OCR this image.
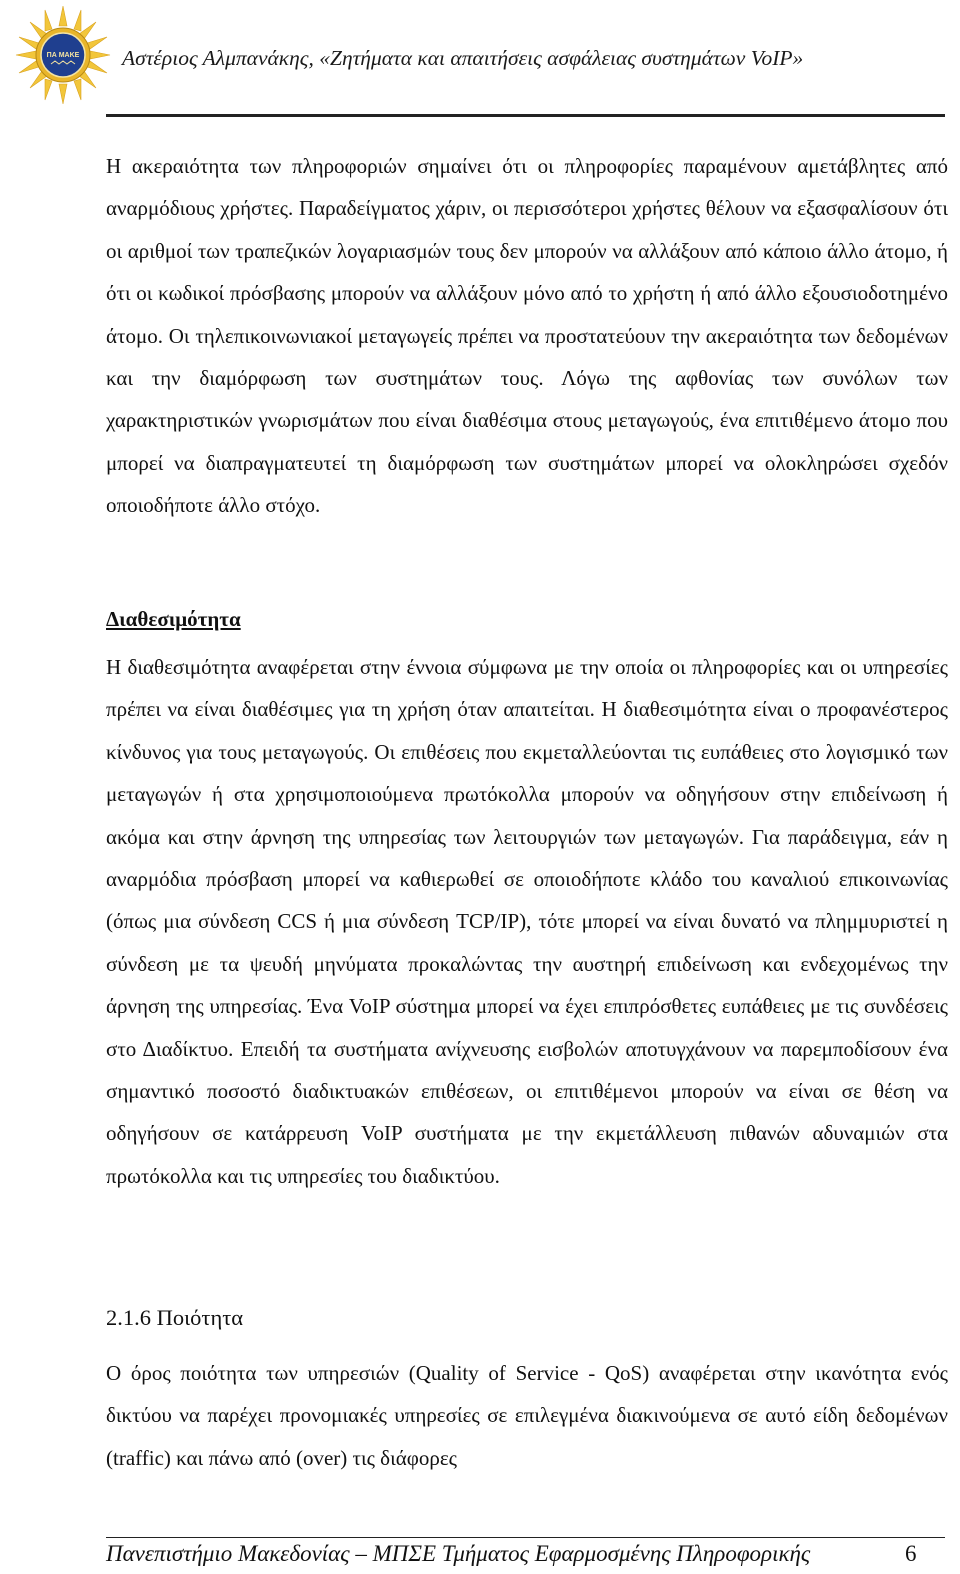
ΠΑ ΜΑΚΕ Αστέριος Αλμπανάκης, «Ζητήματα και απαιτήσεις ασφάλειας συστημάτων VoIP»

Η ακεραιότητα των πληροφοριών σημαίνει ότι οι πληροφορίες παραμένουν αμετάβλητες από αναρμόδιους χρήστες. Παραδείγματος χάριν, οι περισσότεροι χρήστες θέλουν να εξασφαλίσουν ότι οι αριθμοί των τραπεζικών λογαριασμών τους δεν μπορούν να αλλάξουν από κάποιο άλλο άτομο, ή ότι οι κωδικοί πρόσβασης μπορούν να αλλάξουν μόνο από το χρήστη ή από άλλο εξουσιοδοτημένο άτομο. Οι τηλεπικοινωνιακοί μεταγωγείς πρέπει να προστατεύουν την ακεραιότητα των δεδομένων και την διαμόρφωση των συστημάτων τους. Λόγω της αφθονίας των συνόλων των χαρακτηριστικών γνωρισμάτων που είναι διαθέσιμα στους μεταγωγούς, ένα επιτιθέμενο άτομο που μπορεί να διαπραγματευτεί τη διαμόρφωση των συστημάτων μπορεί να ολοκληρώσει σχεδόν οποιοδήποτε άλλο στόχο.

Διαθεσιμότητα

Η διαθεσιμότητα αναφέρεται στην έννοια σύμφωνα με την οποία οι πληροφορίες και οι υπηρεσίες πρέπει να είναι διαθέσιμες για τη χρήση όταν απαιτείται. Η διαθεσιμότητα είναι ο προφανέστερος κίνδυνος για τους μεταγωγούς. Οι επιθέσεις που εκμεταλλεύονται τις ευπάθειες στο λογισμικό των μεταγωγών ή στα χρησιμοποιούμενα πρωτόκολλα μπορούν να οδηγήσουν στην επιδείνωση ή ακόμα και στην άρνηση της υπηρεσίας των λειτουργιών των μεταγωγών. Για παράδειγμα, εάν η αναρμόδια πρόσβαση μπορεί να καθιερωθεί σε οποιοδήποτε κλάδο του καναλιού επικοινωνίας (όπως μια σύνδεση CCS ή μια σύνδεση TCP/IP), τότε μπορεί να είναι δυνατό να πλημμυριστεί η σύνδεση με τα ψευδή μηνύματα προκαλώντας την αυστηρή επιδείνωση και ενδεχομένως την άρνηση της υπηρεσίας. Ένα VoIP σύστημα μπορεί να έχει επιπρόσθετες ευπάθειες με τις συνδέσεις στο Διαδίκτυο. Επειδή τα συστήματα ανίχνευσης εισβολών αποτυγχάνουν να παρεμποδίσουν ένα σημαντικό ποσοστό διαδικτυακών επιθέσεων, οι επιτιθέμενοι μπορούν να είναι σε θέση να οδηγήσουν σε κατάρρευση VoIP συστήματα με την εκμετάλλευση πιθανών αδυναμιών στα πρωτόκολλα και τις υπηρεσίες του διαδικτύου.

2.1.6 Ποιότητα

Ο όρος ποιότητα των υπηρεσιών (Quality of Service - QoS) αναφέρεται στην ικανότητα ενός δικτύου να παρέχει προνομιακές υπηρεσίες σε επιλεγμένα διακινούμενα σε αυτό είδη δεδομένων (traffic) και πάνω από (over) τις διάφορες

Πανεπιστήμιο Μακεδονίας – ΜΠΣΕ Τμήματος Εφαρμοσμένης Πληροφορικής	6
